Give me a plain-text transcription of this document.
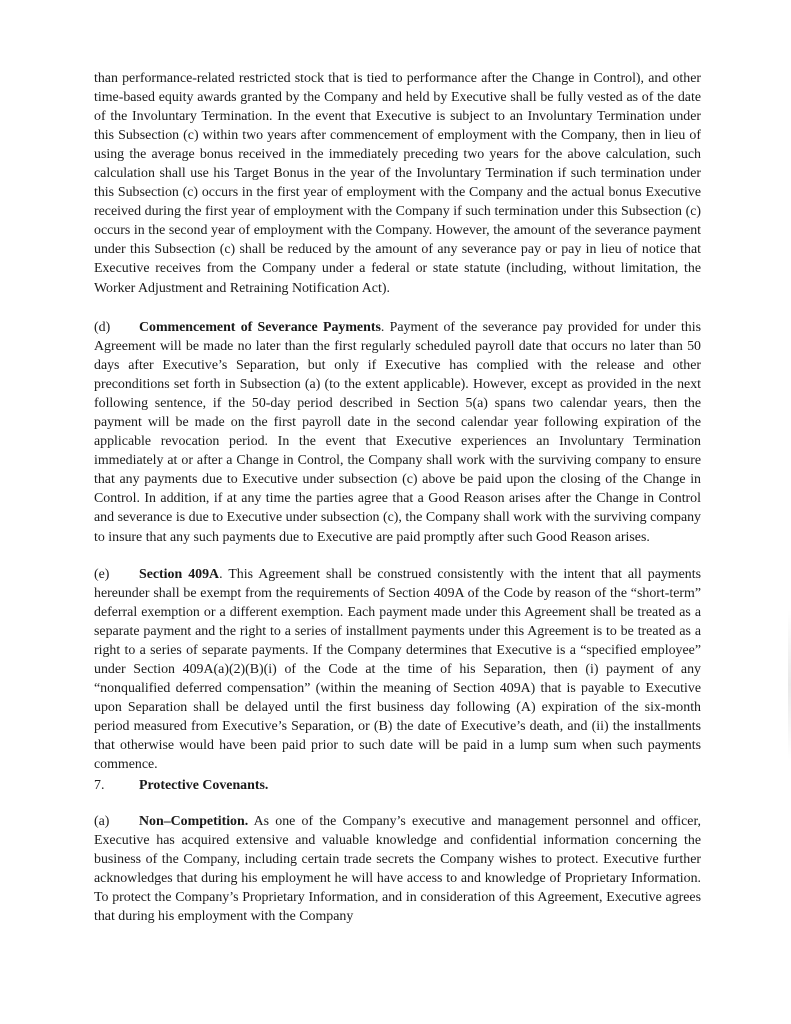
than performance-related restricted stock that is tied to performance after the Change in Control), and other time-based equity awards granted by the Company and held by Executive shall be fully vested as of the date of the Involuntary Termination. In the event that Executive is subject to an Involuntary Termination under this Subsection (c) within two years after commencement of employment with the Company, then in lieu of using the average bonus received in the immediately preceding two years for the above calculation, such calculation shall use his Target Bonus in the year of the Involuntary Termination if such termination under this Subsection (c) occurs in the first year of employment with the Company and the actual bonus Executive received during the first year of employment with the Company if such termination under this Subsection (c) occurs in the second year of employment with the Company. However, the amount of the severance payment under this Subsection (c) shall be reduced by the amount of any severance pay or pay in lieu of notice that Executive receives from the Company under a federal or state statute (including, without limitation, the Worker Adjustment and Retraining Notification Act).

(d) Commencement of Severance Payments. Payment of the severance pay provided for under this Agreement will be made no later than the first regularly scheduled payroll date that occurs no later than 50 days after Executive’s Separation, but only if Executive has complied with the release and other preconditions set forth in Subsection (a) (to the extent applicable). However, except as provided in the next following sentence, if the 50-day period described in Section 5(a) spans two calendar years, then the payment will be made on the first payroll date in the second calendar year following expiration of the applicable revocation period. In the event that Executive experiences an Involuntary Termination immediately at or after a Change in Control, the Company shall work with the surviving company to ensure that any payments due to Executive under subsection (c) above be paid upon the closing of the Change in Control. In addition, if at any time the parties agree that a Good Reason arises after the Change in Control and severance is due to Executive under subsection (c), the Company shall work with the surviving company to insure that any such payments due to Executive are paid promptly after such Good Reason arises.

(e) Section 409A. This Agreement shall be construed consistently with the intent that all payments hereunder shall be exempt from the requirements of Section 409A of the Code by reason of the “short-term” deferral exemption or a different exemption. Each payment made under this Agreement shall be treated as a separate payment and the right to a series of installment payments under this Agreement is to be treated as a right to a series of separate payments. If the Company determines that Executive is a “specified employee” under Section 409A(a)(2)(B)(i) of the Code at the time of his Separation, then (i) payment of any “nonqualified deferred compensation” (within the meaning of Section 409A) that is payable to Executive upon Separation shall be delayed until the first business day following (A) expiration of the six-month period measured from Executive’s Separation, or (B) the date of Executive’s death, and (ii) the installments that otherwise would have been paid prior to such date will be paid in a lump sum when such payments commence.

7. Protective Covenants.

(a) Non–Competition. As one of the Company’s executive and management personnel and officer, Executive has acquired extensive and valuable knowledge and confidential information concerning the business of the Company, including certain trade secrets the Company wishes to protect. Executive further acknowledges that during his employment he will have access to and knowledge of Proprietary Information. To protect the Company’s Proprietary Information, and in consideration of this Agreement, Executive agrees that during his employment with the Company
